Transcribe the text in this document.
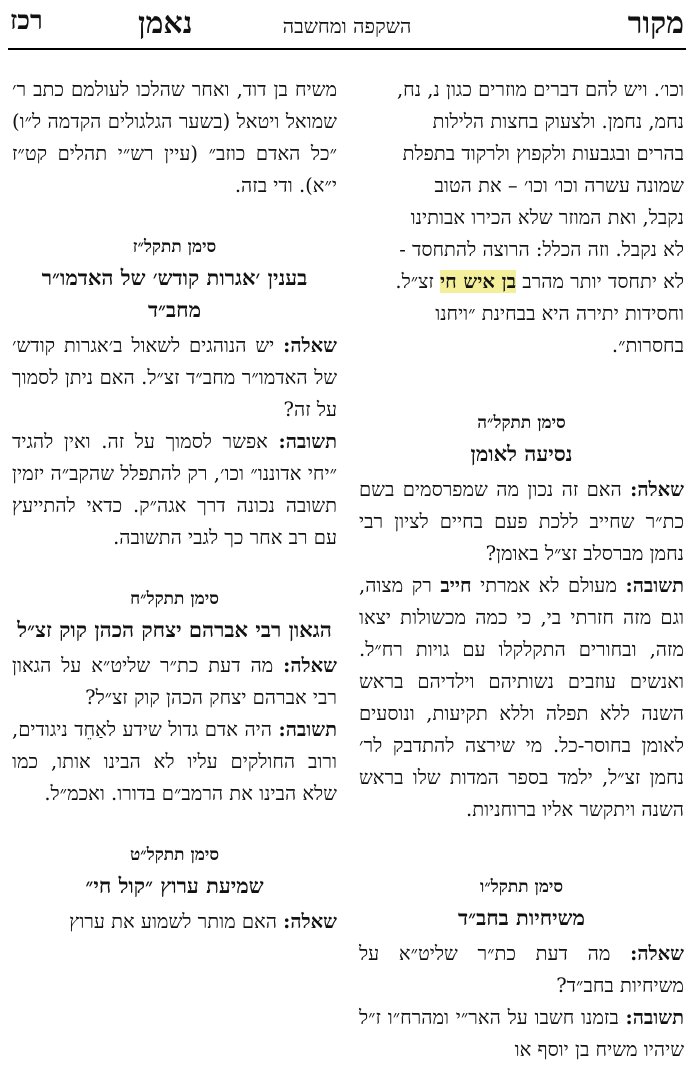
מקור
השקפה ומחשבה
נאמן
רכז

וכו׳. ויש להם דברים מוזרים כגון נ, נח,

נחמ, נחמן. ולצעוק בחצות הלילות

בהרים ובגבעות ולקפוץ ולרקוד בתפלת

שמונה עשרה וכו׳ וכו׳ – את הטוב

נקבל, ואת המוזר שלא הכירו אבותינו

לא נקבל. וזה הכלל: הרוצה להתחסד -

לא יתחסד יותר מהרב בן איש חי זצ״ל.

וחסידות יתירה היא בבחינת ״ויחנו

בחסרות״.

סימן תתקל״ה
נסיעה לאומן

שאלה: האם זה נכון מה שמפרסמים בשם כת״ר שחייב ללכת פעם בחיים לציון רבי נחמן מברסלב זצ״ל באומן?

תשובה: מעולם לא אמרתי חייב רק מצוה, וגם מזה חזרתי בי, כי כמה מכשולות יצאו מזה, ובחורים התקלקלו עם גויות רח״ל. ואנשים עוזבים נשותיהם וילדיהם בראש השנה ללא תפלה וללא תקיעות, ונוסעים לאומן בחוסר-כל. מי שירצה להתדבק לר׳ נחמן זצ״ל, ילמד בספר המדות שלו בראש השנה ויתקשר אליו ברוחניות.

סימן תתקל״ו
משיחיות בחב״ד

שאלה: מה דעת כת״ר שליט״א על משיחיות בחב״ד?

תשובה: בזמנו חשבו על האר״י ומהרח״ו ז״ל שיהיו משיח בן יוסף או

משיח בן דוד, ואחר שהלכו לעולמם כתב ר׳ שמואל ויטאל (בשער הגלגולים הקדמה ל״ו) ״כל האדם כוזב״ (עיין רש״י תהלים קט״ז י״א). ודי בזה.

סימן תתקל״ז
בענין ׳אגרות קודש׳ של האדמו״ר מחב״ד

שאלה: יש הנוהגים לשאול ב׳אגרות קודש׳ של האדמו״ר מחב״ד זצ״ל. האם ניתן לסמוך על זה?

תשובה: אפשר לסמוך על זה. ואין להגיד ״יחי אדוננו״ וכו׳, רק להתפלל שהקב״ה יזמין תשובה נכונה דרך אגה״ק. כדאי להתייעץ עם רב אחר כך לגבי התשובה.

סימן תתקל״ח
הגאון רבי אברהם יצחק הכהן קוק זצ״ל

שאלה: מה דעת כת״ר שליט״א על הגאון רבי אברהם יצחק הכהן קוק זצ״ל?

תשובה: היה אדם גדול שידע לאַחֵד ניגודים, ורוב החולקים עליו לא הבינו אותו, כמו שלא הבינו את הרמב״ם בדורו. ואכמ״ל.

סימן תתקל״ט
שמיעת ערוץ ״קול חי״

שאלה: האם מותר לשמוע את ערוץ
